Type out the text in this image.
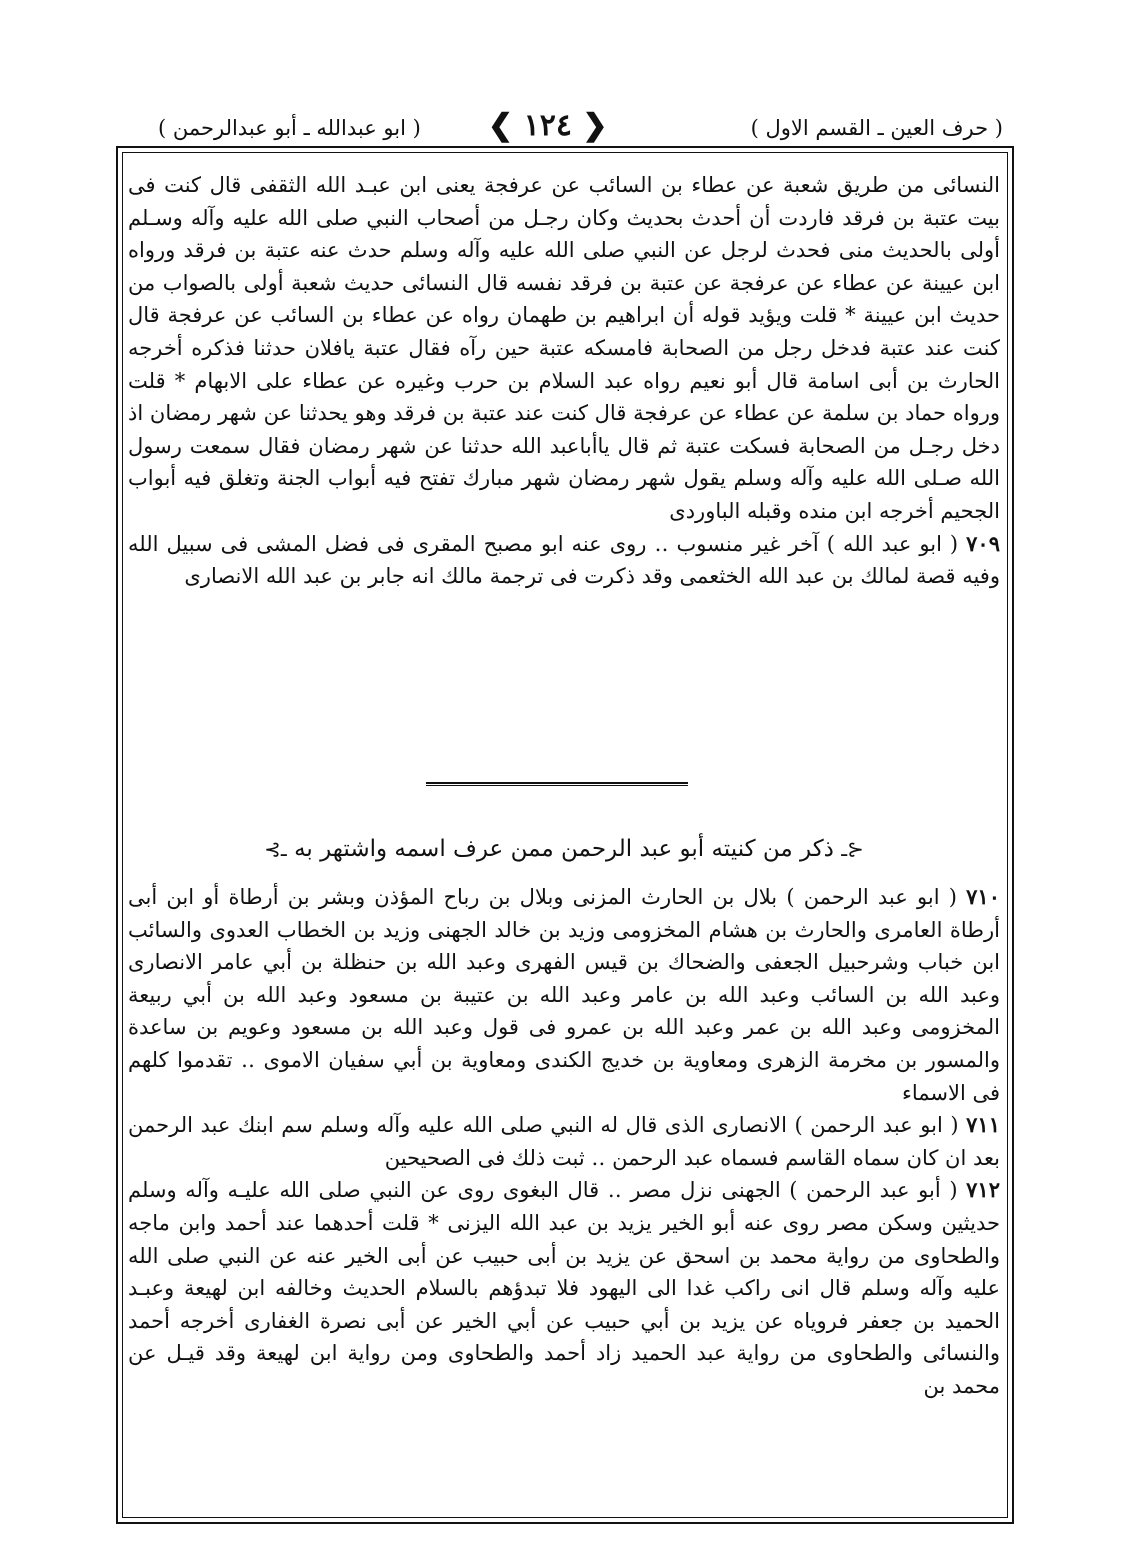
( ابو عبدالله ـ أبو عبدالرحمن ) ❮ ١٢٤ ❯	( حرف العين ـ القسم الاول )

النسائى من طريق شعبة عن عطاء بن السائب عن عرفجة يعنى ابن عبـد الله الثقفى قال كنت فى بيت عتبة بن فرقد فاردت أن أحدث بحديث وكان رجـل من أصحاب النبي صلى الله عليه وآله وسـلم أولى بالحديث منى فحدث لرجل عن النبي صلى الله عليه وآله وسلم حدث عنه عتبة بن فرقد ورواه ابن عيينة عن عطاء عن عرفجة عن عتبة بن فرقد نفسه قال النسائى حديث شعبة أولى بالصواب من حديث ابن عيينة * قلت ويؤيد قوله أن ابراهيم بن طهمان رواه عن عطاء بن السائب عن عرفجة قال كنت عند عتبة فدخل رجل من الصحابة فامسكه عتبة حين رآه فقال عتبة يافلان حدثنا فذكره أخرجه الحارث بن أبى اسامة قال أبو نعيم رواه عبد السلام بن حرب وغيره عن عطاء على الابهام * قلت ورواه حماد بن سلمة عن عطاء عن عرفجة قال كنت عند عتبة بن فرقد وهو يحدثنا عن شهر رمضان اذ دخل رجـل من الصحابة فسكت عتبة ثم قال ياأباعبد الله حدثنا عن شهر رمضان فقال سمعت رسول الله صـلى الله عليه وآله وسلم يقول شهر رمضان شهر مبارك تفتح فيه أبواب الجنة وتغلق فيه أبواب الجحيم أخرجه ابن منده وقبله الباوردى

٧٠٩ ( ابو عبد الله ) آخر غير منسوب ‥ روى عنه ابو مصبح المقرى فى فضل المشى فى سبيل الله وفيه قصة لمالك بن عبد الله الخثعمى وقد ذكرت فى ترجمة مالك انه جابر بن عبد الله الانصارى

⊰ـ ذكر من كنيته أبو عبد الرحمن ممن عرف اسمه واشتهر به ـ⊱

٧١٠ ( ابو عبد الرحمن ) بلال بن الحارث المزنى وبلال بن رباح المؤذن وبشر بن أرطاة أو ابن أبى أرطاة العامرى والحارث بن هشام المخزومى وزيد بن خالد الجهنى وزيد بن الخطاب العدوى والسائب ابن خباب وشرحبيل الجعفى والضحاك بن قيس الفهرى وعبد الله بن حنظلة بن أبي عامر الانصارى وعبد الله بن السائب وعبد الله بن عامر وعبد الله بن عتيبة بن مسعود وعبد الله بن أبي ربيعة المخزومى وعبد الله بن عمر وعبد الله بن عمرو فى قول وعبد الله بن مسعود وعويم بن ساعدة والمسور بن مخرمة الزهرى ومعاوية بن خديج الكندى ومعاوية بن أبي سفيان الاموى ‥ تقدموا كلهم فى الاسماء

٧١١ ( ابو عبد الرحمن ) الانصارى الذى قال له النبي صلى الله عليه وآله وسلم سم ابنك عبد الرحمن بعد ان كان سماه القاسم فسماه عبد الرحمن ‥ ثبت ذلك فى الصحيحين

٧١٢ ( أبو عبد الرحمن ) الجهنى نزل مصر ‥ قال البغوى روى عن النبي صلى الله عليـه وآله وسلم حديثين وسكن مصر روى عنه أبو الخير يزيد بن عبد الله اليزنى * قلت أحدهما عند أحمد وابن ماجه والطحاوى من رواية محمد بن اسحق عن يزيد بن أبى حبيب عن أبى الخير عنه عن النبي صلى الله عليه وآله وسلم قال انى راكب غدا الى اليهود فلا تبدؤهم بالسلام الحديث وخالفه ابن لهيعة وعبـد الحميد بن جعفر فروياه عن يزيد بن أبي حبيب عن أبي الخير عن أبى نصرة الغفارى أخرجه أحمد والنسائى والطحاوى من رواية عبد الحميد زاد أحمد والطحاوى ومن رواية ابن لهيعة وقد قيـل عن محمد بن
